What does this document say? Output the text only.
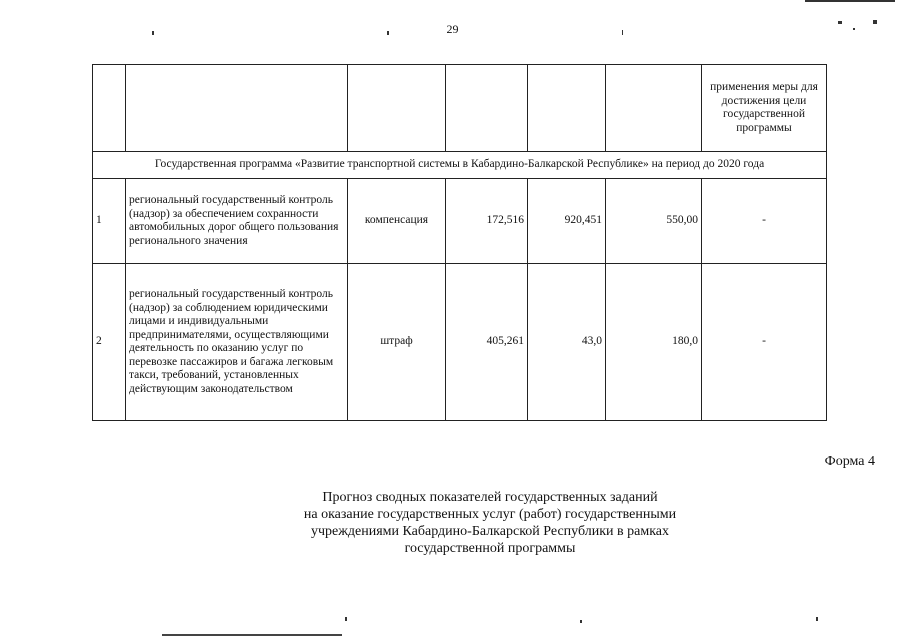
29
						применения меры для достижения цели государственной программы
Государственная программа «Развитие транспортной системы в Кабардино-Балкарской Республике» на период до 2020 года						
1	региональный государственный контроль (надзор) за обеспечением сохранности автомобильных дорог общего пользования регионального значения	компенсация	172,516	920,451	550,00	-
2	региональный государственный контроль (надзор) за соблюдением юридическими лицами и индивидуальными предпринимателями, осуществляющими деятельность по оказанию услуг по перевозке пассажиров и багажа легковым такси, требований, установленных действующим законодательством	штраф	405,261	43,0	180,0	-
Форма 4
Прогноз сводных показателей государственных заданий
на оказание государственных услуг (работ) государственными
учреждениями Кабардино-Балкарской Республики в рамках
государственной программы
